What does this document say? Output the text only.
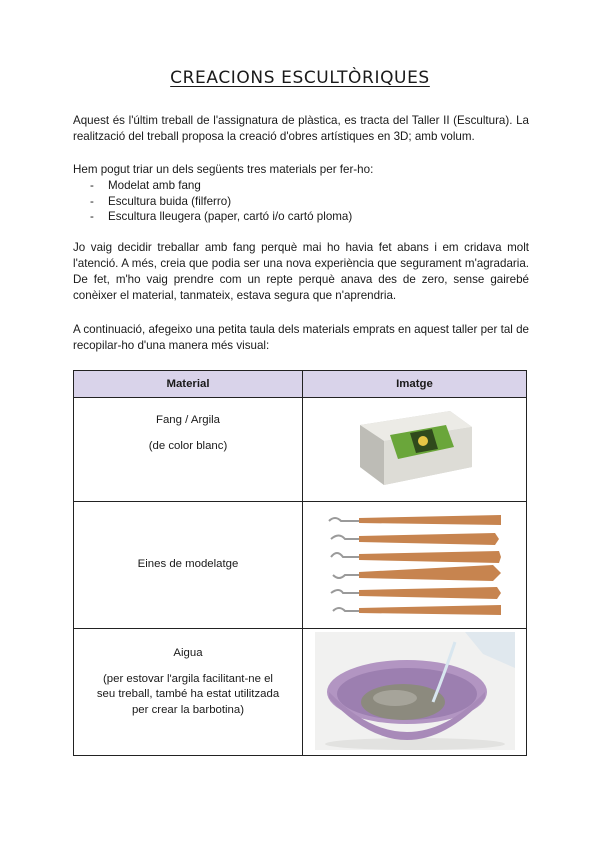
CREACIONS ESCULTÒRIQUES
Aquest és l'últim treball de l'assignatura de plàstica, es tracta del Taller II (Escultura). La realització del treball proposa la creació d'obres artístiques en 3D; amb volum.
Hem pogut triar un dels següents tres materials per fer-ho:
- Modelat amb fang
- Escultura buida (filferro)
- Escultura lleugera (paper, cartó i/o cartó ploma)
Jo vaig decidir treballar amb fang perquè mai ho havia fet abans i em cridava molt l'atenció. A més, creia que podia ser una nova experiència que segurament m'agradaria. De fet, m'ho vaig prendre com un repte perquè anava des de zero, sense gairebé conèixer el material, tanmateix, estava segura que n'aprendria.
A continuació, afegeixo una petita taula dels materials emprats en aquest taller per tal de recopilar-ho d'una manera més visual:
Material	Imatge

Fang / Argila
(de color blanc)

Eines de modelatge

Aigua
(per estovar l'argila facilitant-ne el seu treball, també ha estat utilitzada per crear la barbotina)
